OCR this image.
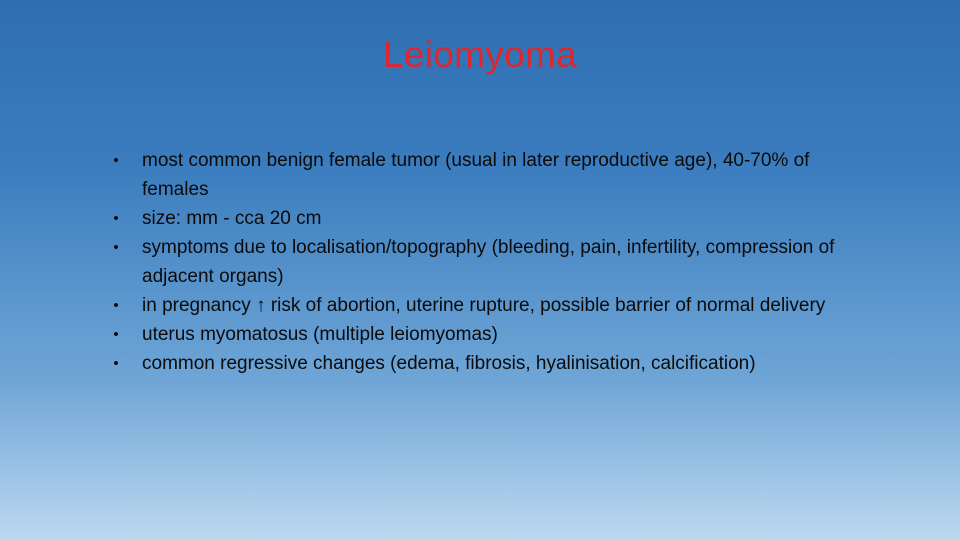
Leiomyoma
• most common benign female tumor (usual in later reproductive age), 40-70% of females
• size: mm - cca 20 cm
• symptoms due to localisation/topography (bleeding, pain, infertility, compression of adjacent organs)
• in pregnancy ↑ risk of abortion, uterine rupture, possible barrier of normal delivery
• uterus myomatosus (multiple leiomyomas)
• common regressive changes (edema, fibrosis, hyalinisation, calcification)
